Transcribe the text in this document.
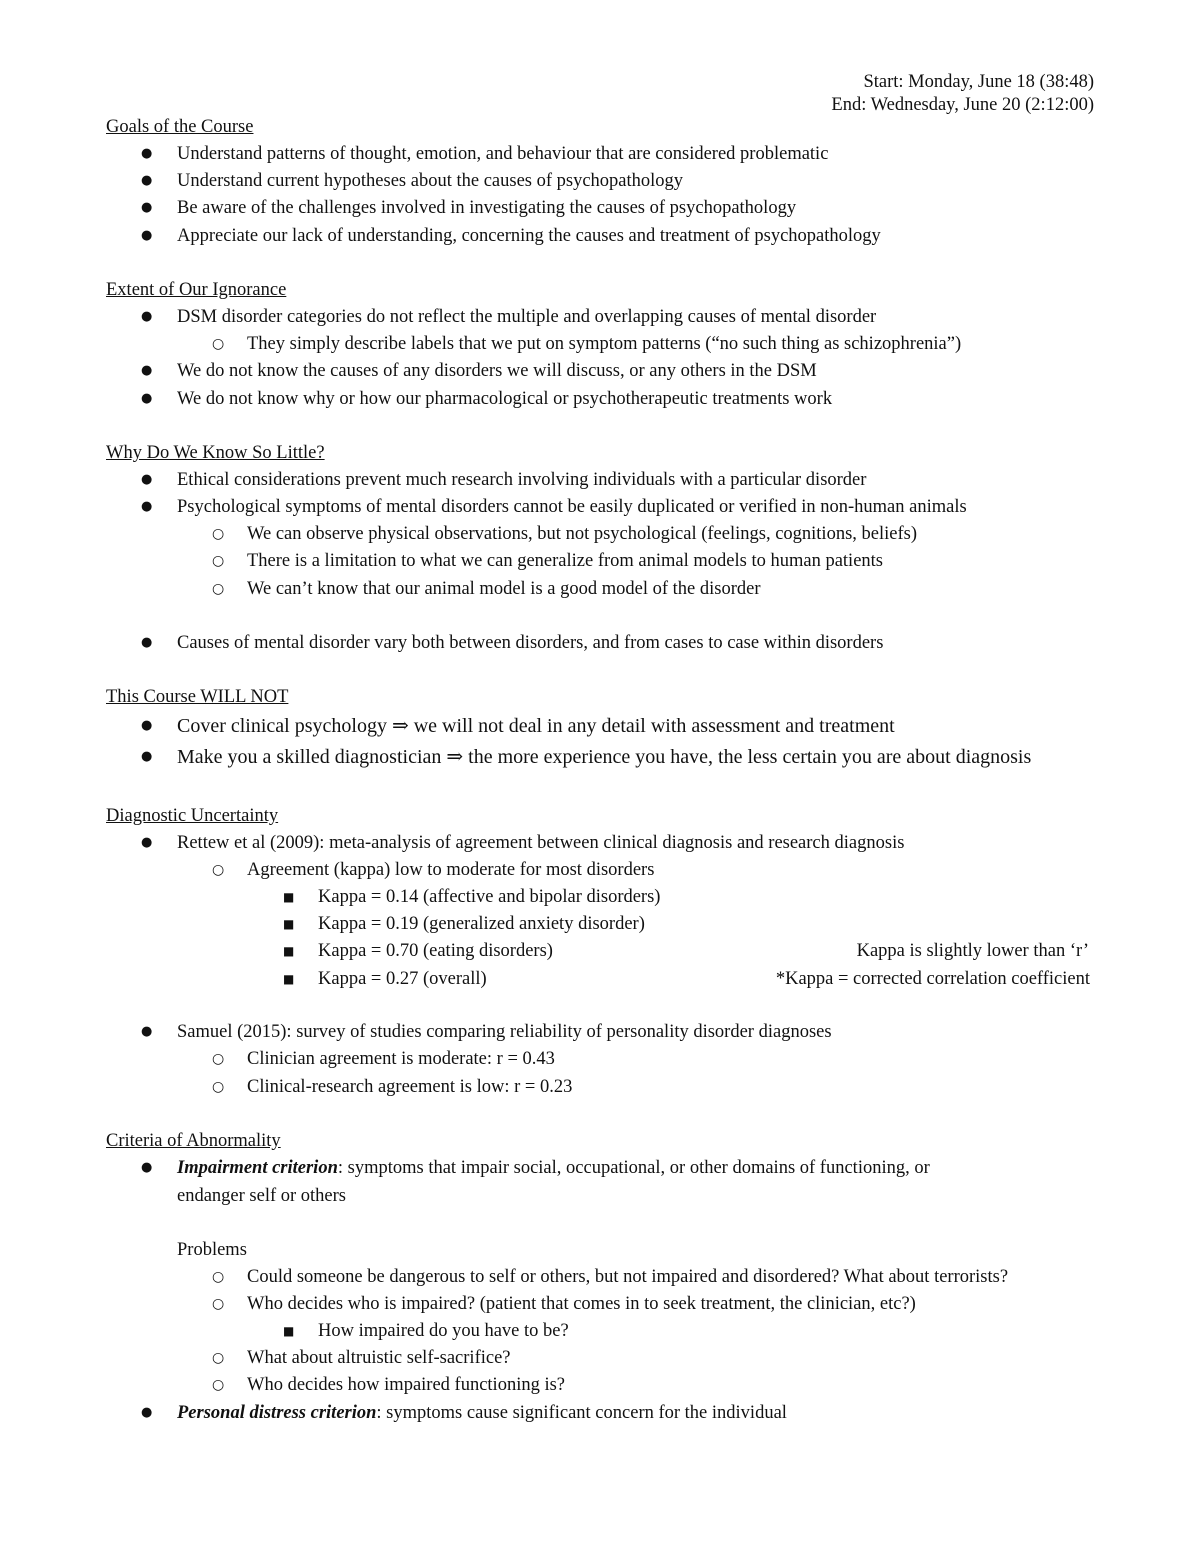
Start: Monday, June 18 (38:48)
End: Wednesday, June 20 (2:12:00)
Goals of the Course
● Understand patterns of thought, emotion, and behaviour that are considered problematic
● Understand current hypotheses about the causes of psychopathology
● Be aware of the challenges involved in investigating the causes of psychopathology
● Appreciate our lack of understanding, concerning the causes and treatment of psychopathology
Extent of Our Ignorance
● DSM disorder categories do not reflect the multiple and overlapping causes of mental disorder
○ They simply describe labels that we put on symptom patterns (“no such thing as schizophrenia”)
● We do not know the causes of any disorders we will discuss, or any others in the DSM
● We do not know why or how our pharmacological or psychotherapeutic treatments work
Why Do We Know So Little?
● Ethical considerations prevent much research involving individuals with a particular disorder
● Psychological symptoms of mental disorders cannot be easily duplicated or verified in non-human animals
○ We can observe physical observations, but not psychological (feelings, cognitions, beliefs)
○ There is a limitation to what we can generalize from animal models to human patients
○ We can’t know that our animal model is a good model of the disorder
● Causes of mental disorder vary both between disorders, and from cases to case within disorders
This Course WILL NOT
● Cover clinical psychology ⇒ we will not deal in any detail with assessment and treatment
● Make you a skilled diagnostician ⇒ the more experience you have, the less certain you are about diagnosis
Diagnostic Uncertainty
● Rettew et al (2009): meta-analysis of agreement between clinical diagnosis and research diagnosis
○ Agreement (kappa) low to moderate for most disorders
■ Kappa = 0.14 (affective and bipolar disorders)
■ Kappa = 0.19 (generalized anxiety disorder)
■ Kappa = 0.70 (eating disorders)	Kappa is slightly lower than ‘r’
■ Kappa = 0.27 (overall)	*Kappa = corrected correlation coefficient
● Samuel (2015): survey of studies comparing reliability of personality disorder diagnoses
○ Clinician agreement is moderate: r = 0.43
○ Clinical-research agreement is low: r = 0.23
Criteria of Abnormality
● Impairment criterion: symptoms that impair social, occupational, or other domains of functioning, or
endanger self or others
Problems
○ Could someone be dangerous to self or others, but not impaired and disordered? What about terrorists?
○ Who decides who is impaired? (patient that comes in to seek treatment, the clinician, etc?)
■ How impaired do you have to be?
○ What about altruistic self-sacrifice?
○ Who decides how impaired functioning is?
● Personal distress criterion: symptoms cause significant concern for the individual
